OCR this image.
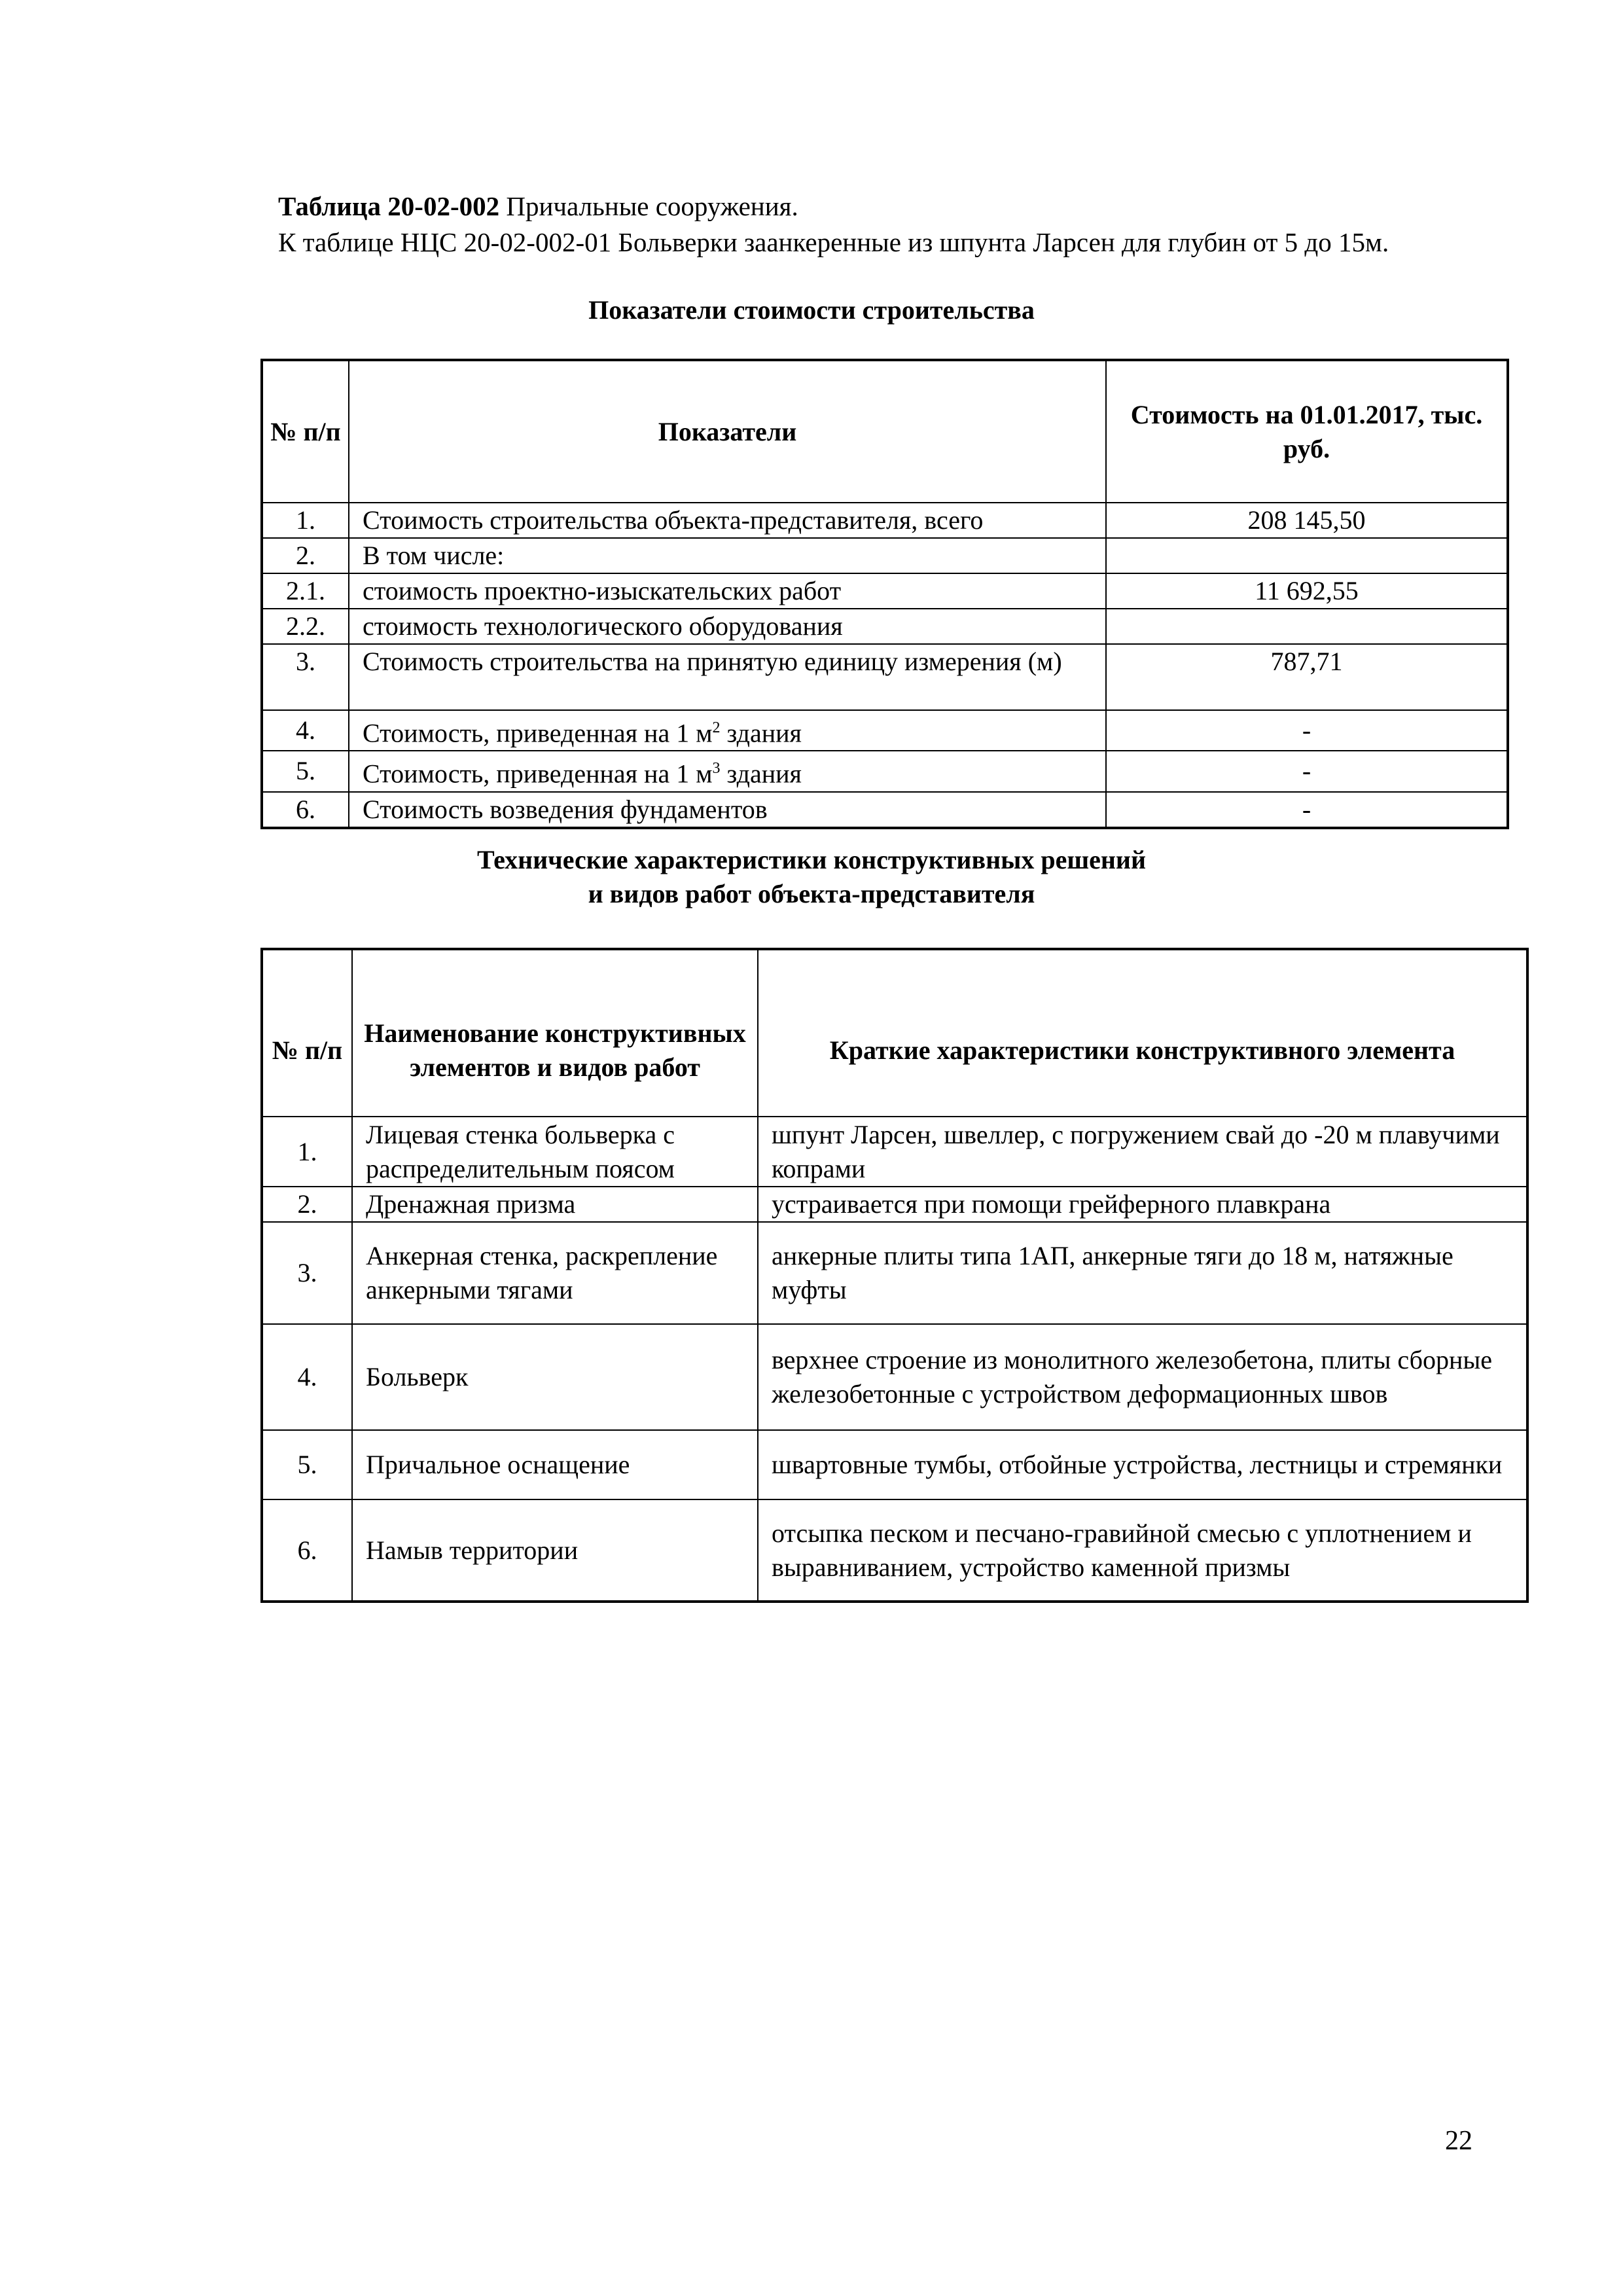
Таблица 20-02-002 Причальные сооружения.
К таблице НЦС 20-02-002-01 Больверки заанкеренные из шпунта Ларсен для глубин от 5 до 15м.
Показатели стоимости строительства
№ п/п	Показатели	Стоимость на 01.01.2017, тыс. руб.
1.	Стоимость строительства объекта-представителя, всего	208 145,50
2.	В том числе:	
2.1.	стоимость проектно-изыскательских работ	11 692,55
2.2.	стоимость технологического оборудования	
3.	Стоимость строительства на принятую единицу измерения (м)	787,71
4.	Стоимость, приведенная на 1 $м^2$ здания	-
5.	Стоимость, приведенная на 1 $м^3$ здания	-
6.	Стоимость возведения фундаментов	-
Технические характеристики конструктивных решений
и видов работ объекта-представителя
№ п/п	Наименование конструктивных элементов и видов работ	Краткие характеристики конструктивного элемента
1.	Лицевая стенка больверка с распределительным поясом	шпунт Ларсен, швеллер, с погружением свай до -20 м плавучими копрами
2.	Дренажная призма	устраивается при помощи грейферного плавкрана
3.	Анкерная стенка, раскрепление анкерными тягами	анкерные плиты типа 1АП, анкерные тяги до 18 м, натяжные муфты
4.	Больверк	верхнее строение из монолитного железобетона, плиты сборные железобетонные с устройством деформационных швов
5.	Причальное оснащение	швартовные тумбы, отбойные устройства, лестницы и стремянки
6.	Намыв территории	отсыпка песком и песчано-гравийной смесью с уплотнением и выравниванием, устройство каменной призмы
22
